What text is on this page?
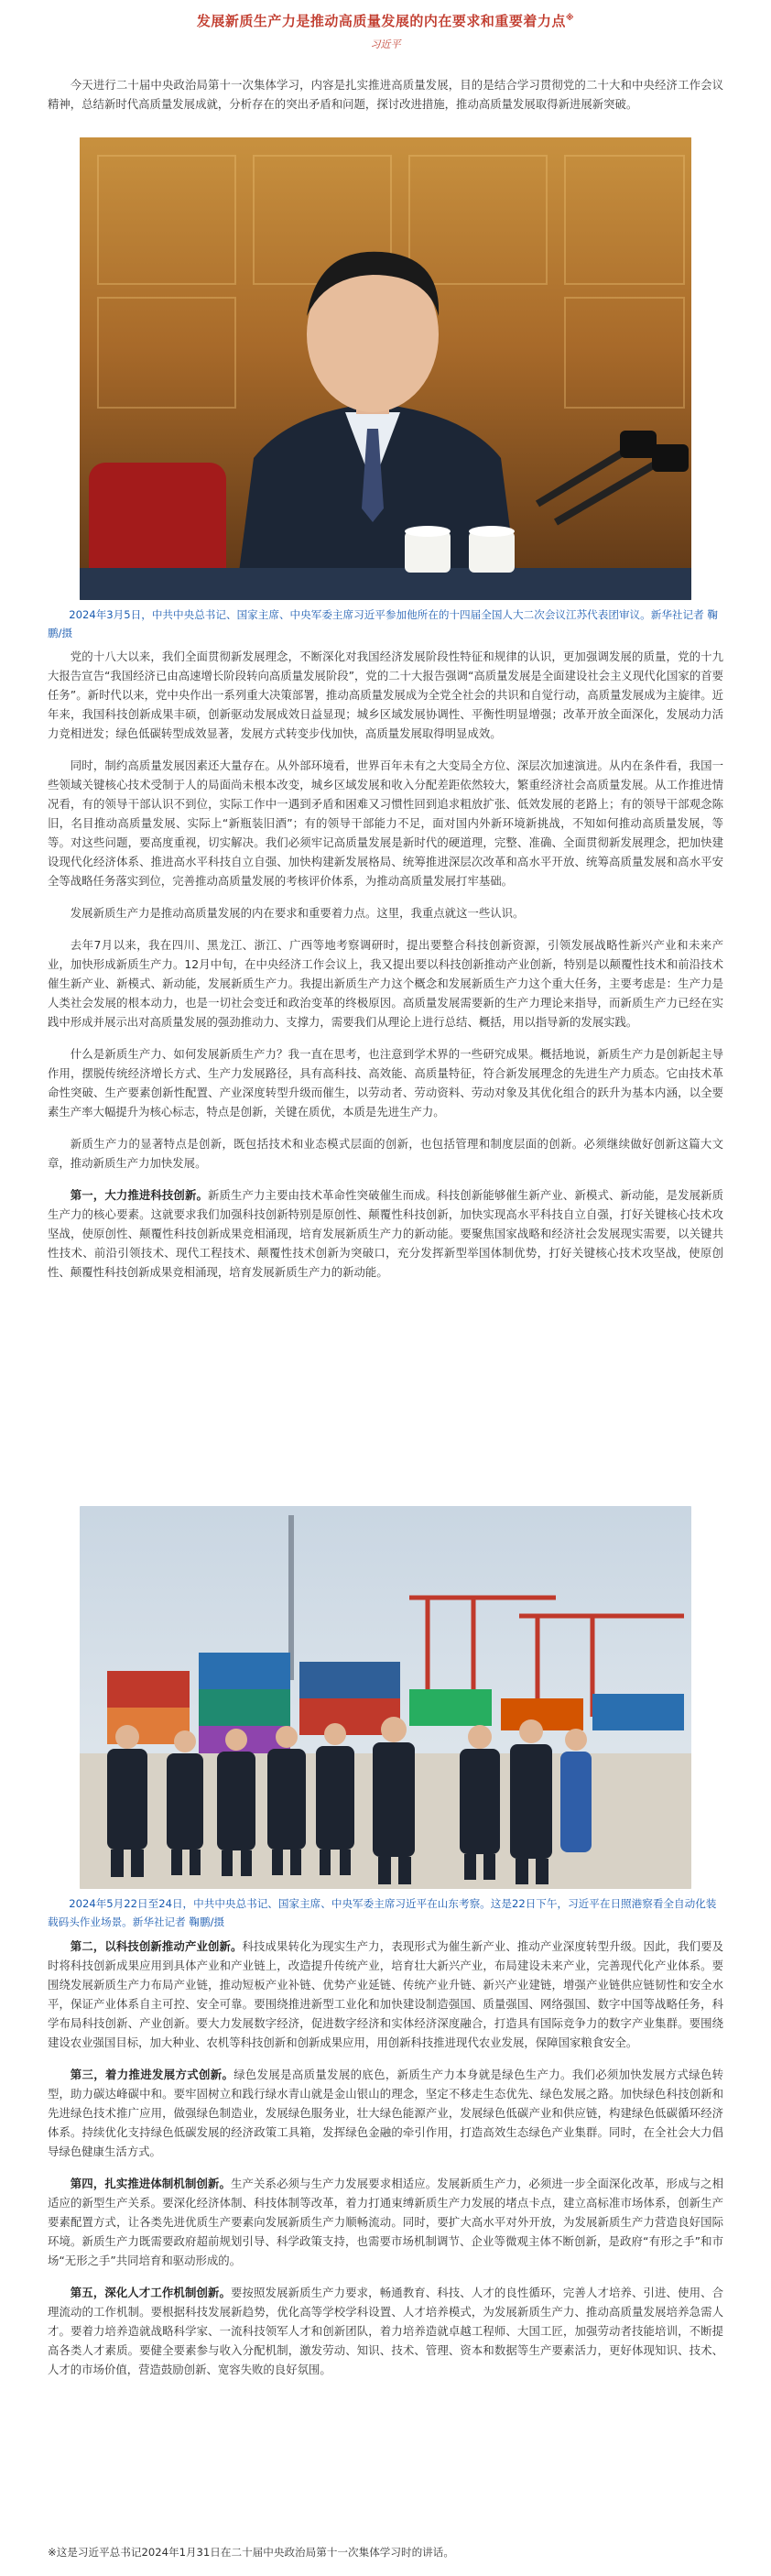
发展新质生产力是推动高质量发展的内在要求和重要着力点※
习近平

今天进行二十届中央政治局第十一次集体学习，内容是扎实推进高质量发展，目的是结合学习贯彻党的二十大和中央经济工作会议精神，总结新时代高质量发展成就，分析存在的突出矛盾和问题，探讨改进措施，推动高质量发展取得新进展新突破。

2024年3月5日，中共中央总书记、国家主席、中央军委主席习近平参加他所在的十四届全国人大二次会议江苏代表团审议。新华社记者 鞠鹏/摄

党的十八大以来，我们全面贯彻新发展理念，不断深化对我国经济发展阶段性特征和规律的认识，更加强调发展的质量，党的十九大报告宣告“我国经济已由高速增长阶段转向高质量发展阶段”，党的二十大报告强调“高质量发展是全面建设社会主义现代化国家的首要任务”。新时代以来，党中央作出一系列重大决策部署，推动高质量发展成为全党全社会的共识和自觉行动，高质量发展成为主旋律。近年来，我国科技创新成果丰硕，创新驱动发展成效日益显现；城乡区域发展协调性、平衡性明显增强；改革开放全面深化，发展动力活力竞相迸发；绿色低碳转型成效显著，发展方式转变步伐加快，高质量发展取得明显成效。

同时，制约高质量发展因素还大量存在。从外部环境看，世界百年未有之大变局全方位、深层次加速演进。从内在条件看，我国一些领域关键核心技术受制于人的局面尚未根本改变，城乡区域发展和收入分配差距依然较大，繁重经济社会高质量发展。从工作推进情况看，有的领导干部认识不到位，实际工作中一遇到矛盾和困难又习惯性回到追求粗放扩张、低效发展的老路上；有的领导干部观念陈旧，名目推动高质量发展、实际上“新瓶装旧酒”；有的领导干部能力不足，面对国内外新环境新挑战，不知如何推动高质量发展，等等。对这些问题，要高度重视，切实解决。我们必须牢记高质量发展是新时代的硬道理，完整、准确、全面贯彻新发展理念，把加快建设现代化经济体系、推进高水平科技自立自强、加快构建新发展格局、统筹推进深层次改革和高水平开放、统筹高质量发展和高水平安全等战略任务落实到位，完善推动高质量发展的考核评价体系，为推动高质量发展打牢基础。

发展新质生产力是推动高质量发展的内在要求和重要着力点。这里，我重点就这一些认识。

去年7月以来，我在四川、黑龙江、浙江、广西等地考察调研时，提出要整合科技创新资源，引领发展战略性新兴产业和未来产业，加快形成新质生产力。12月中旬，在中央经济工作会议上，我又提出要以科技创新推动产业创新，特别是以颠覆性技术和前沿技术催生新产业、新模式、新动能，发展新质生产力。我提出新质生产力这个概念和发展新质生产力这个重大任务，主要考虑是：生产力是人类社会发展的根本动力，也是一切社会变迁和政治变革的终极原因。高质量发展需要新的生产力理论来指导，而新质生产力已经在实践中形成并展示出对高质量发展的强劲推动力、支撑力，需要我们从理论上进行总结、概括，用以指导新的发展实践。

什么是新质生产力、如何发展新质生产力？我一直在思考，也注意到学术界的一些研究成果。概括地说，新质生产力是创新起主导作用，摆脱传统经济增长方式、生产力发展路径，具有高科技、高效能、高质量特征，符合新发展理念的先进生产力质态。它由技术革命性突破、生产要素创新性配置、产业深度转型升级而催生，以劳动者、劳动资料、劳动对象及其优化组合的跃升为基本内涵，以全要素生产率大幅提升为核心标志，特点是创新，关键在质优，本质是先进生产力。

新质生产力的显著特点是创新，既包括技术和业态模式层面的创新，也包括管理和制度层面的创新。必须继续做好创新这篇大文章，推动新质生产力加快发展。

第一，大力推进科技创新。新质生产力主要由技术革命性突破催生而成。科技创新能够催生新产业、新模式、新动能，是发展新质生产力的核心要素。这就要求我们加强科技创新特别是原创性、颠覆性科技创新，加快实现高水平科技自立自强，打好关键核心技术攻坚战，使原创性、颠覆性科技创新成果竞相涌现，培育发展新质生产力的新动能。要聚焦国家战略和经济社会发展现实需要，以关键共性技术、前沿引领技术、现代工程技术、颠覆性技术创新为突破口，充分发挥新型举国体制优势，打好关键核心技术攻坚战，使原创性、颠覆性科技创新成果竞相涌现，培育发展新质生产力的新动能。

2024年5月22日至24日，中共中央总书记、国家主席、中央军委主席习近平在山东考察。这是22日下午，习近平在日照港察看全自动化装载码头作业场景。新华社记者 鞠鹏/摄

第二，以科技创新推动产业创新。科技成果转化为现实生产力，表现形式为催生新产业、推动产业深度转型升级。因此，我们要及时将科技创新成果应用到具体产业和产业链上，改造提升传统产业，培育壮大新兴产业，布局建设未来产业，完善现代化产业体系。要围绕发展新质生产力布局产业链，推动短板产业补链、优势产业延链、传统产业升链、新兴产业建链，增强产业链供应链韧性和安全水平，保证产业体系自主可控、安全可靠。要围绕推进新型工业化和加快建设制造强国、质量强国、网络强国、数字中国等战略任务，科学布局科技创新、产业创新。要大力发展数字经济，促进数字经济和实体经济深度融合，打造具有国际竞争力的数字产业集群。要围绕建设农业强国目标，加大种业、农机等科技创新和创新成果应用，用创新科技推进现代农业发展，保障国家粮食安全。

第三，着力推进发展方式创新。绿色发展是高质量发展的底色，新质生产力本身就是绿色生产力。我们必须加快发展方式绿色转型，助力碳达峰碳中和。要牢固树立和践行绿水青山就是金山银山的理念，坚定不移走生态优先、绿色发展之路。加快绿色科技创新和先进绿色技术推广应用，做强绿色制造业，发展绿色服务业，壮大绿色能源产业，发展绿色低碳产业和供应链，构建绿色低碳循环经济体系。持续优化支持绿色低碳发展的经济政策工具箱，发挥绿色金融的牵引作用，打造高效生态绿色产业集群。同时，在全社会大力倡导绿色健康生活方式。

第四，扎实推进体制机制创新。生产关系必须与生产力发展要求相适应。发展新质生产力，必须进一步全面深化改革，形成与之相适应的新型生产关系。要深化经济体制、科技体制等改革，着力打通束缚新质生产力发展的堵点卡点，建立高标准市场体系，创新生产要素配置方式，让各类先进优质生产要素向发展新质生产力顺畅流动。同时，要扩大高水平对外开放，为发展新质生产力营造良好国际环境。新质生产力既需要政府超前规划引导、科学政策支持，也需要市场机制调节、企业等微观主体不断创新，是政府“有形之手”和市场“无形之手”共同培育和驱动形成的。

第五，深化人才工作机制创新。要按照发展新质生产力要求，畅通教育、科技、人才的良性循环，完善人才培养、引进、使用、合理流动的工作机制。要根据科技发展新趋势，优化高等学校学科设置、人才培养模式，为发展新质生产力、推动高质量发展培养急需人才。要着力培养造就战略科学家、一流科技领军人才和创新团队，着力培养造就卓越工程师、大国工匠，加强劳动者技能培训，不断提高各类人才素质。要健全要素参与收入分配机制，激发劳动、知识、技术、管理、资本和数据等生产要素活力，更好体现知识、技术、人才的市场价值，营造鼓励创新、宽容失败的良好氛围。

※这是习近平总书记2024年1月31日在二十届中央政治局第十一次集体学习时的讲话。
